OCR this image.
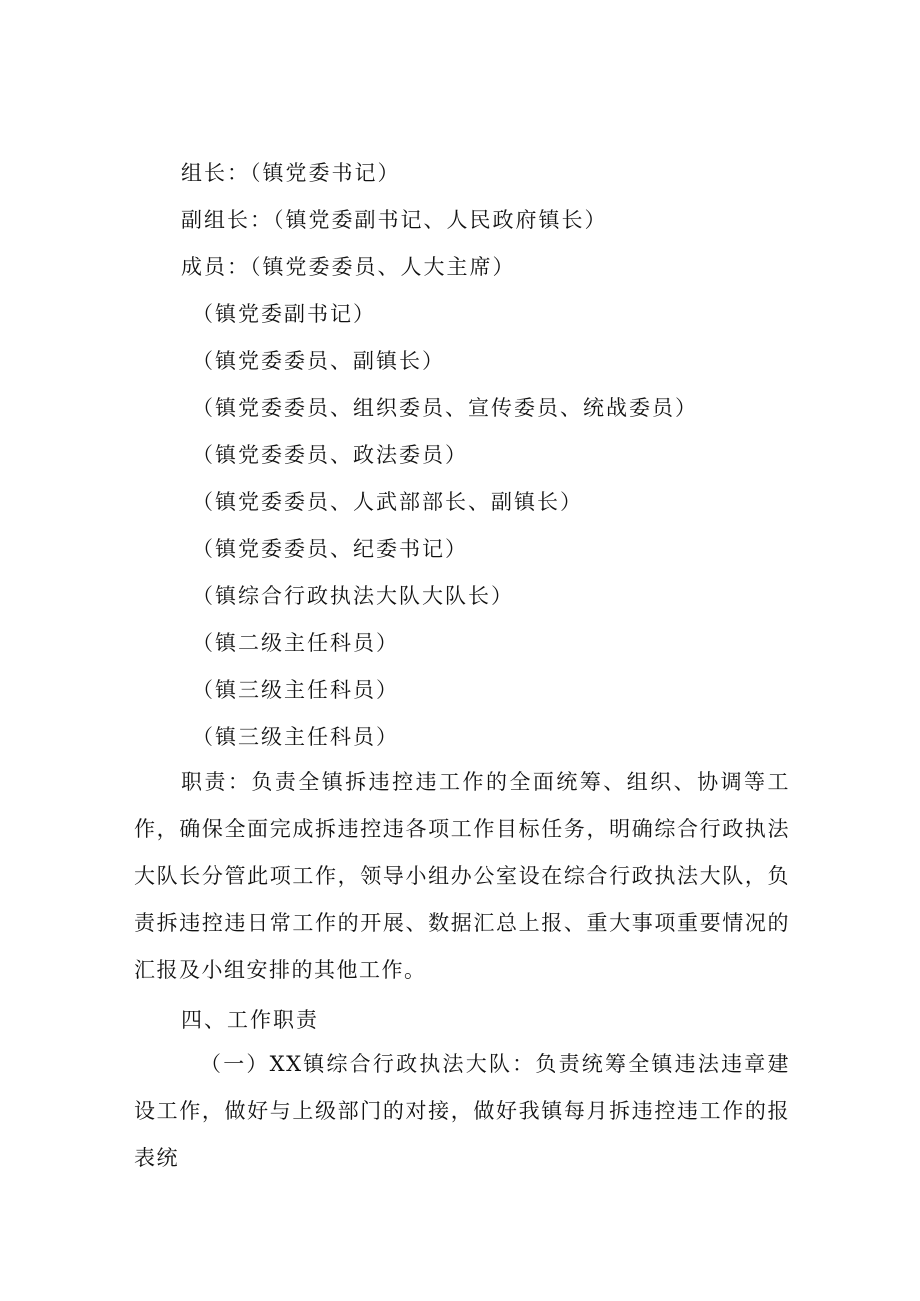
组长：（镇党委书记）
副组长：（镇党委副书记、人民政府镇长）
成员：（镇党委委员、人大主席）
（镇党委副书记）
（镇党委委员、副镇长）
（镇党委委员、组织委员、宣传委员、统战委员）
（镇党委委员、政法委员）
（镇党委委员、人武部部长、副镇长）
（镇党委委员、纪委书记）
（镇综合行政执法大队大队长）
（镇二级主任科员）
（镇三级主任科员）
（镇三级主任科员）
职责：负责全镇拆违控违工作的全面统筹、组织、协调等工作，确保全面完成拆违控违各项工作目标任务，明确综合行政执法大队长分管此项工作，领导小组办公室设在综合行政执法大队，负责拆违控违日常工作的开展、数据汇总上报、重大事项重要情况的汇报及小组安排的其他工作。
四、工作职责
（一）XX镇综合行政执法大队：负责统筹全镇违法违章建设工作，做好与上级部门的对接，做好我镇每月拆违控违工作的报表统
